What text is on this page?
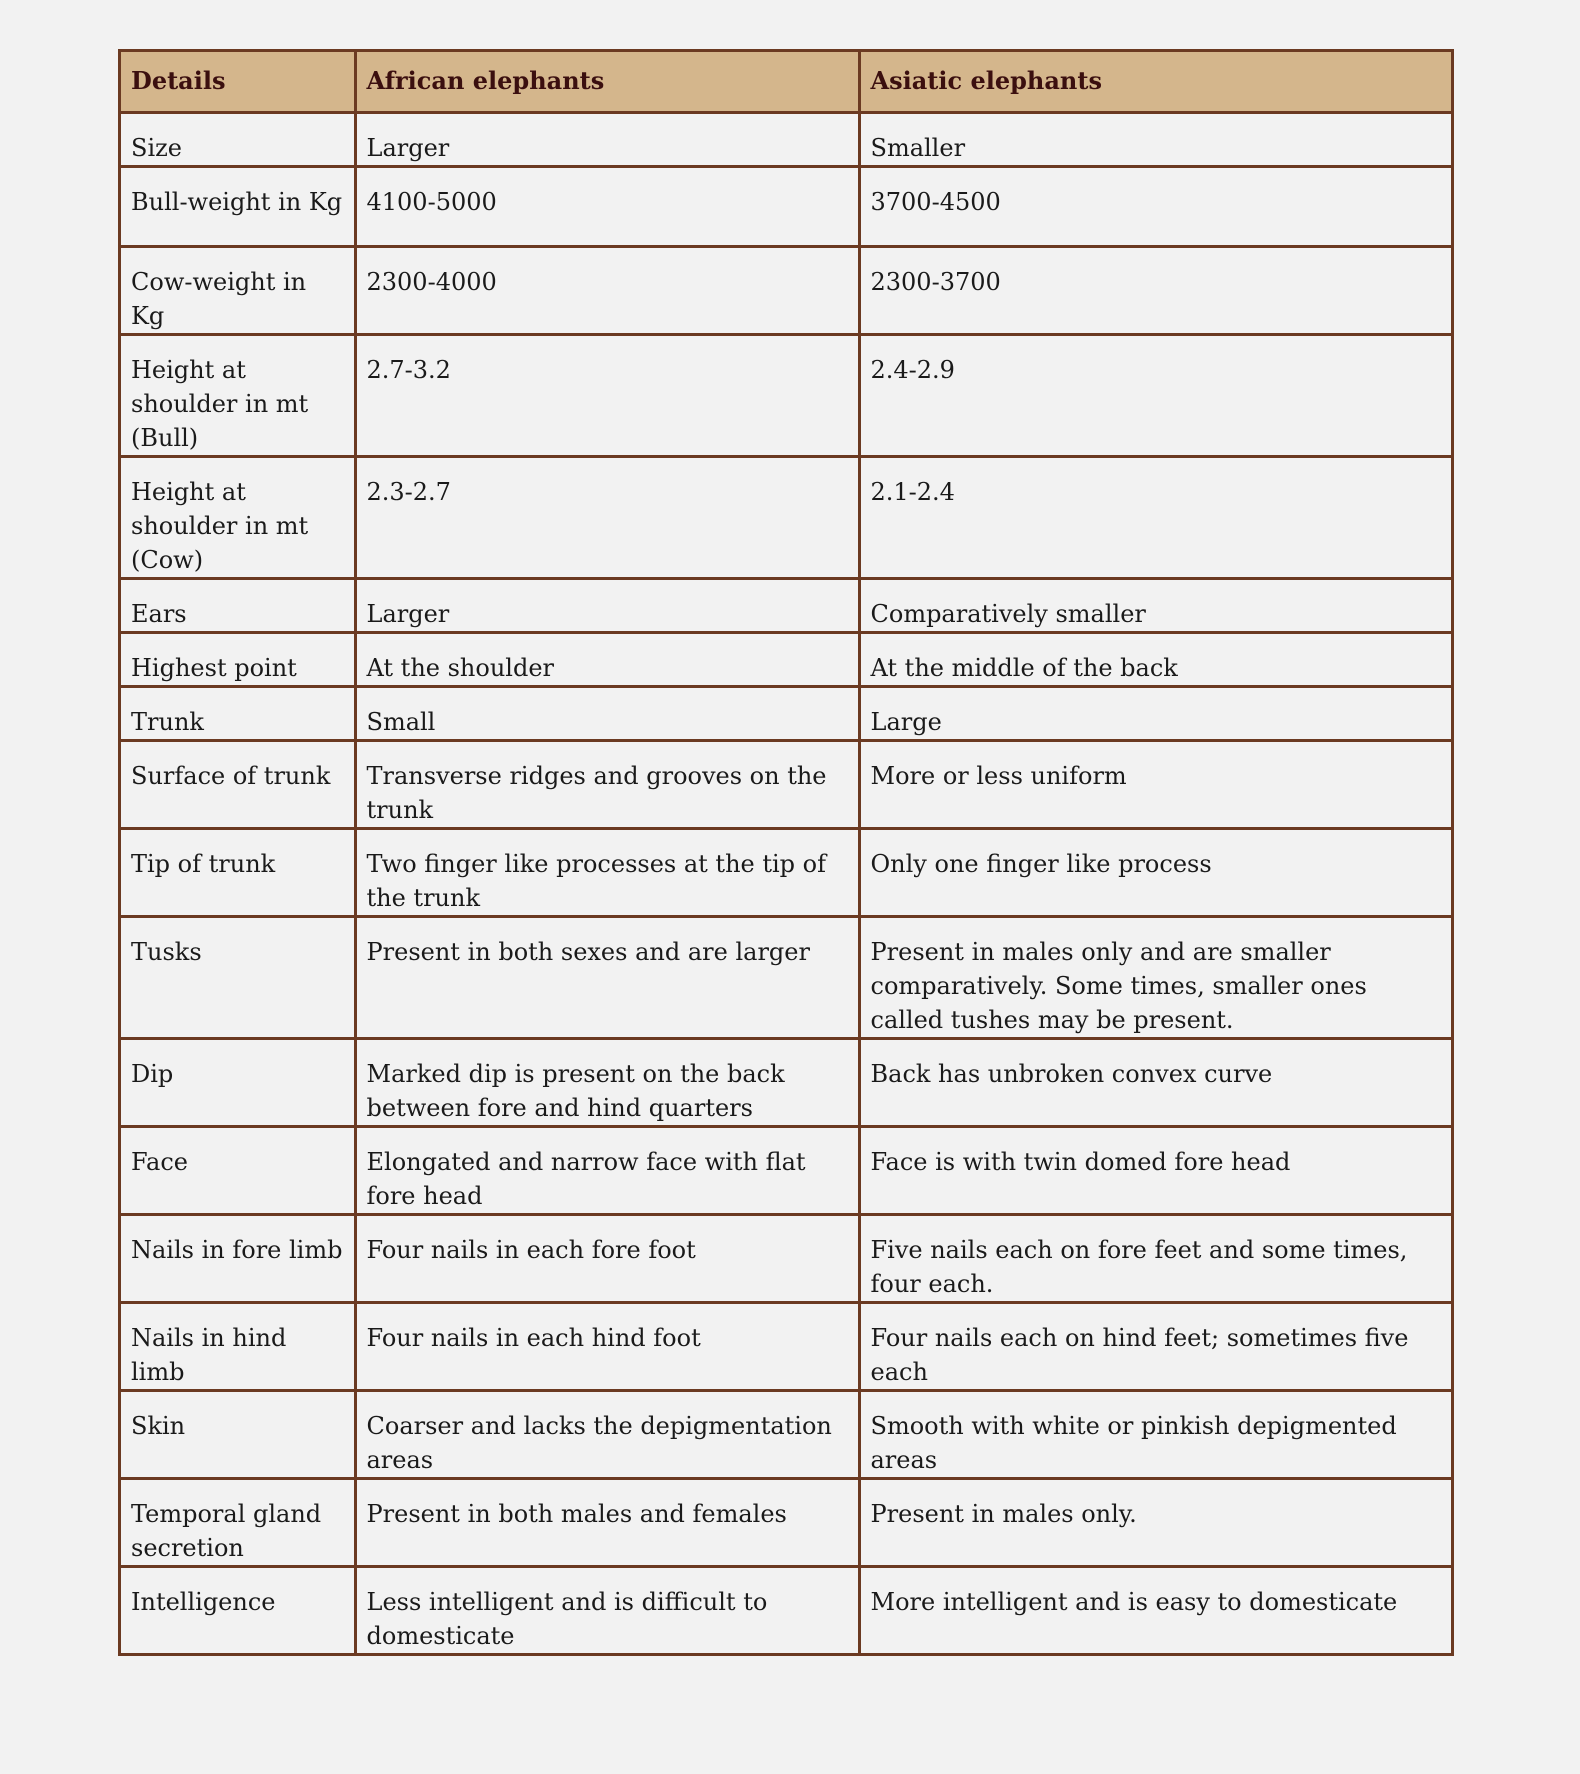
Details	African elephants	Asiatic elephants
Size	Larger	Smaller
Bull-weight in Kg	4100-5000	3700-4500
Cow-weight in Kg	2300-4000	2300-3700
Height at shoulder in mt (Bull)	2.7-3.2	2.4-2.9
Height at shoulder in mt (Cow)	2.3-2.7	2.1-2.4
Ears	Larger	Comparatively smaller
Highest point	At the shoulder	At the middle of the back
Trunk	Small	Large
Surface of trunk	Transverse ridges and grooves on the trunk	More or less uniform
Tip of trunk	Two finger like processes at the tip of the trunk	Only one finger like process
Tusks	Present in both sexes and are larger	Present in males only and are smaller comparatively. Some times, smaller ones called tushes may be present.
Dip	Marked dip is present on the back between fore and hind quarters	Back has unbroken convex curve
Face	Elongated and narrow face with flat fore head	Face is with twin domed fore head
Nails in fore limb	Four nails in each fore foot	Five nails each on fore feet and some times, four each.
Nails in hind limb	Four nails in each hind foot	Four nails each on hind feet; sometimes five each
Skin	Coarser and lacks the depigmentation areas	Smooth with white or pinkish depigmented areas
Temporal gland secretion	Present in both males and females	Present in males only.
Intelligence	Less intelligent and is difficult to domesticate	More intelligent and is easy to domesticate
